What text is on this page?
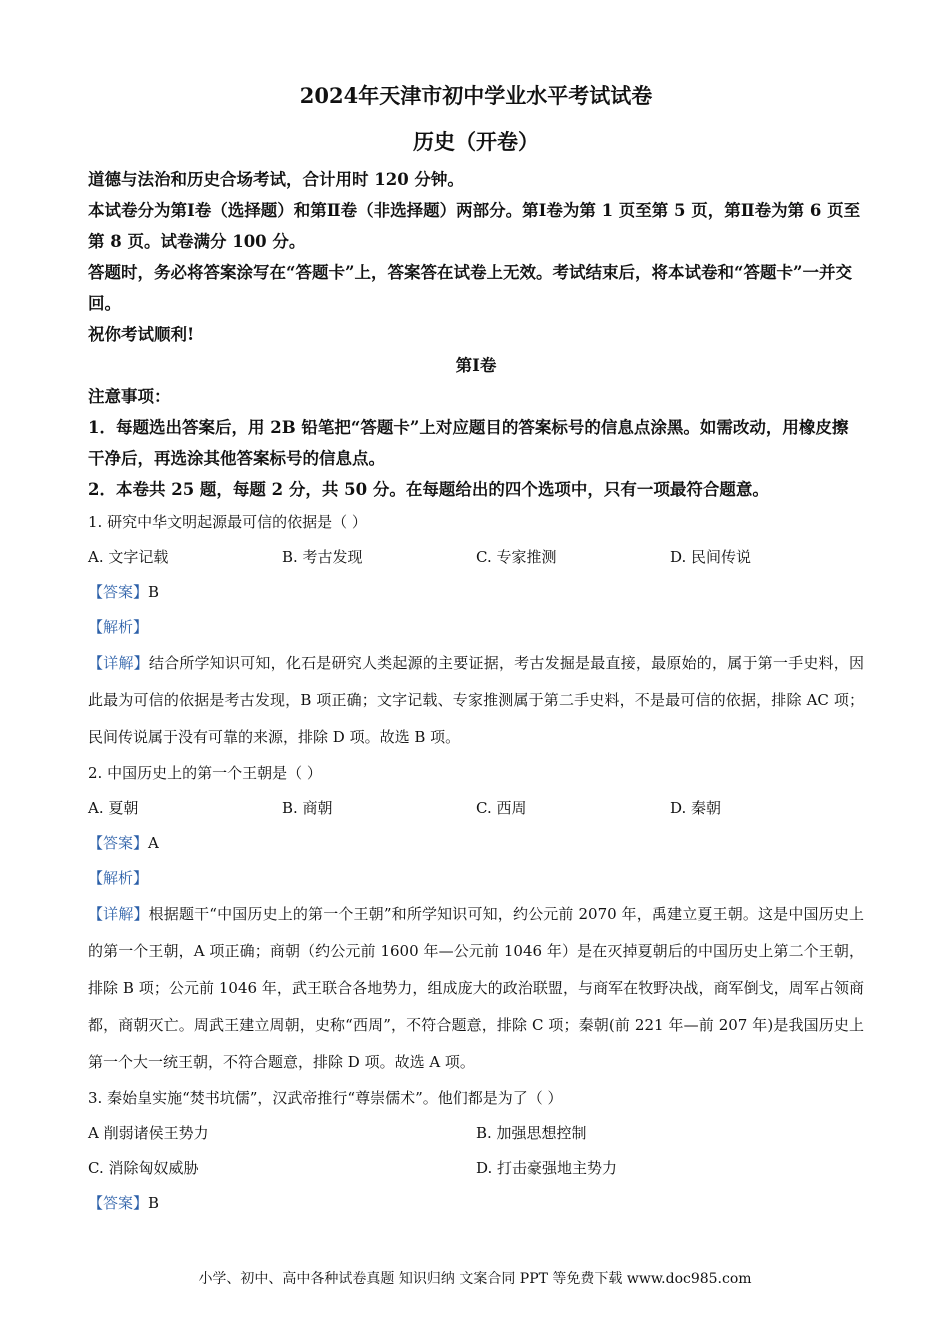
2024年天津市初中学业水平考试试卷

历史（开卷）

道德与法治和历史合场考试，合计用时 120 分钟。

本试卷分为第Ⅰ卷（选择题）和第Ⅱ卷（非选择题）两部分。第Ⅰ卷为第 1 页至第 5 页，第Ⅱ卷为第 6 页至第 8 页。试卷满分 100 分。

答题时，务必将答案涂写在“答题卡”上，答案答在试卷上无效。考试结束后，将本试卷和“答题卡”一并交回。

祝你考试顺利!

第Ⅰ卷

注意事项：

1．每题选出答案后，用 2B 铅笔把“答题卡”上对应题目的答案标号的信息点涂黑。如需改动，用橡皮擦干净后，再选涂其他答案标号的信息点。

2．本卷共 25 题，每题 2 分，共 50 分。在每题给出的四个选项中，只有一项最符合题意。

1. 研究中华文明起源最可信的依据是（ ）

A. 文字记载	B. 考古发现	C. 专家推测	D. 民间传说

【答案】B

【解析】

【详解】结合所学知识可知，化石是研究人类起源的主要证据，考古发掘是最直接，最原始的，属于第一手史料，因此最为可信的依据是考古发现，B 项正确；文字记载、专家推测属于第二手史料，不是最可信的依据，排除 AC 项；民间传说属于没有可靠的来源，排除 D 项。故选 B 项。

2. 中国历史上的第一个王朝是（ ）

A. 夏朝	B. 商朝	C. 西周	D. 秦朝

【答案】A

【解析】

【详解】根据题干“中国历史上的第一个王朝”和所学知识可知，约公元前 2070 年，禹建立夏王朝。这是中国历史上的第一个王朝，A 项正确；商朝（约公元前 1600 年—公元前 1046 年）是在灭掉夏朝后的中国历史上第二个王朝，排除 B 项；公元前 1046 年，武王联合各地势力，组成庞大的政治联盟，与商军在牧野决战，商军倒戈，周军占领商都，商朝灭亡。周武王建立周朝，史称“西周”，不符合题意，排除 C 项；秦朝(前 221 年—前 207 年)是我国历史上第一个大一统王朝，不符合题意，排除 D 项。故选 A 项。

3. 秦始皇实施“焚书坑儒”，汉武帝推行“尊崇儒术”。他们都是为了（ ）

A 削弱诸侯王势力	B. 加强思想控制
C. 消除匈奴威胁	D. 打击豪强地主势力

【答案】B

小学、初中、高中各种试卷真题 知识归纳 文案合同 PPT 等免费下载 www.doc985.com
